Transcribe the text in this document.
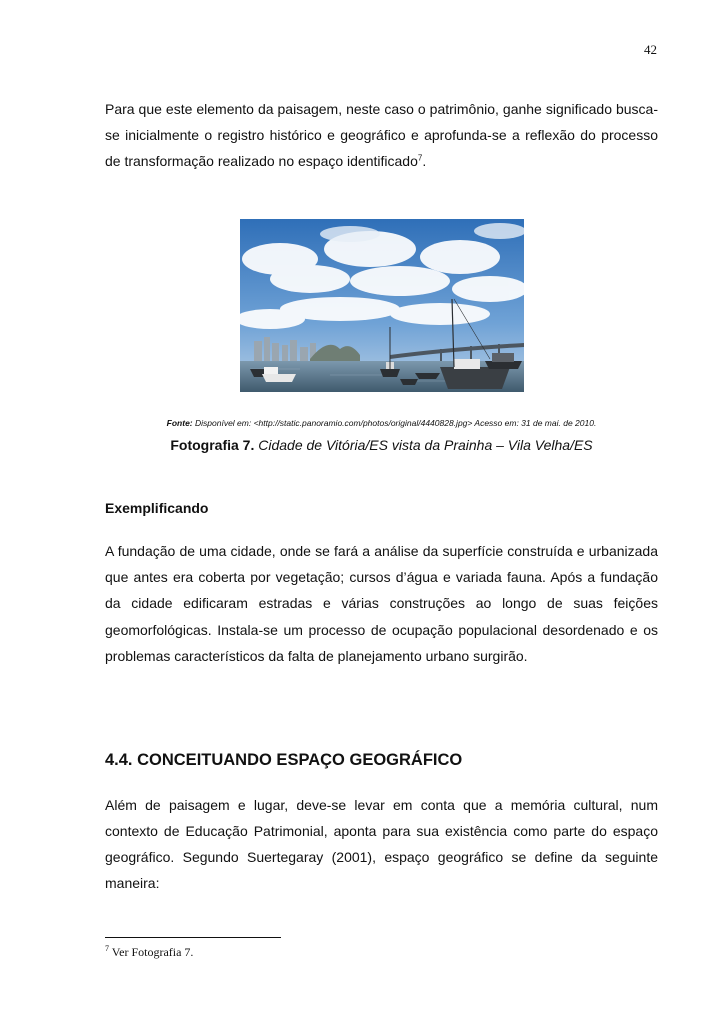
42

Para que este elemento da paisagem, neste caso o patrimônio, ganhe significado busca-se inicialmente o registro histórico e geográfico e aprofunda-se a reflexão do processo de transformação realizado no espaço identificado$^7$.

Fonte: Disponível em: <http://static.panoramio.com/photos/original/4440828.jpg> Acesso em: 31 de mai. de 2010.
Fotografia 7. Cidade de Vitória/ES vista da Prainha – Vila Velha/ES
Exemplificando

A fundação de uma cidade, onde se fará a análise da superfície construída e urbanizada que antes era coberta por vegetação; cursos d’água e variada fauna. Após a fundação da cidade edificaram estradas e várias construções ao longo de suas feições geomorfológicas. Instala-se um processo de ocupação populacional desordenado e os problemas característicos da falta de planejamento urbano surgirão.

4.4. CONCEITUANDO ESPAÇO GEOGRÁFICO

Além de paisagem e lugar, deve-se levar em conta que a memória cultural, num contexto de Educação Patrimonial, aponta para sua existência como parte do espaço geográfico. Segundo Suertegaray (2001), espaço geográfico se define da seguinte maneira:

$^7$ Ver Fotografia 7.
